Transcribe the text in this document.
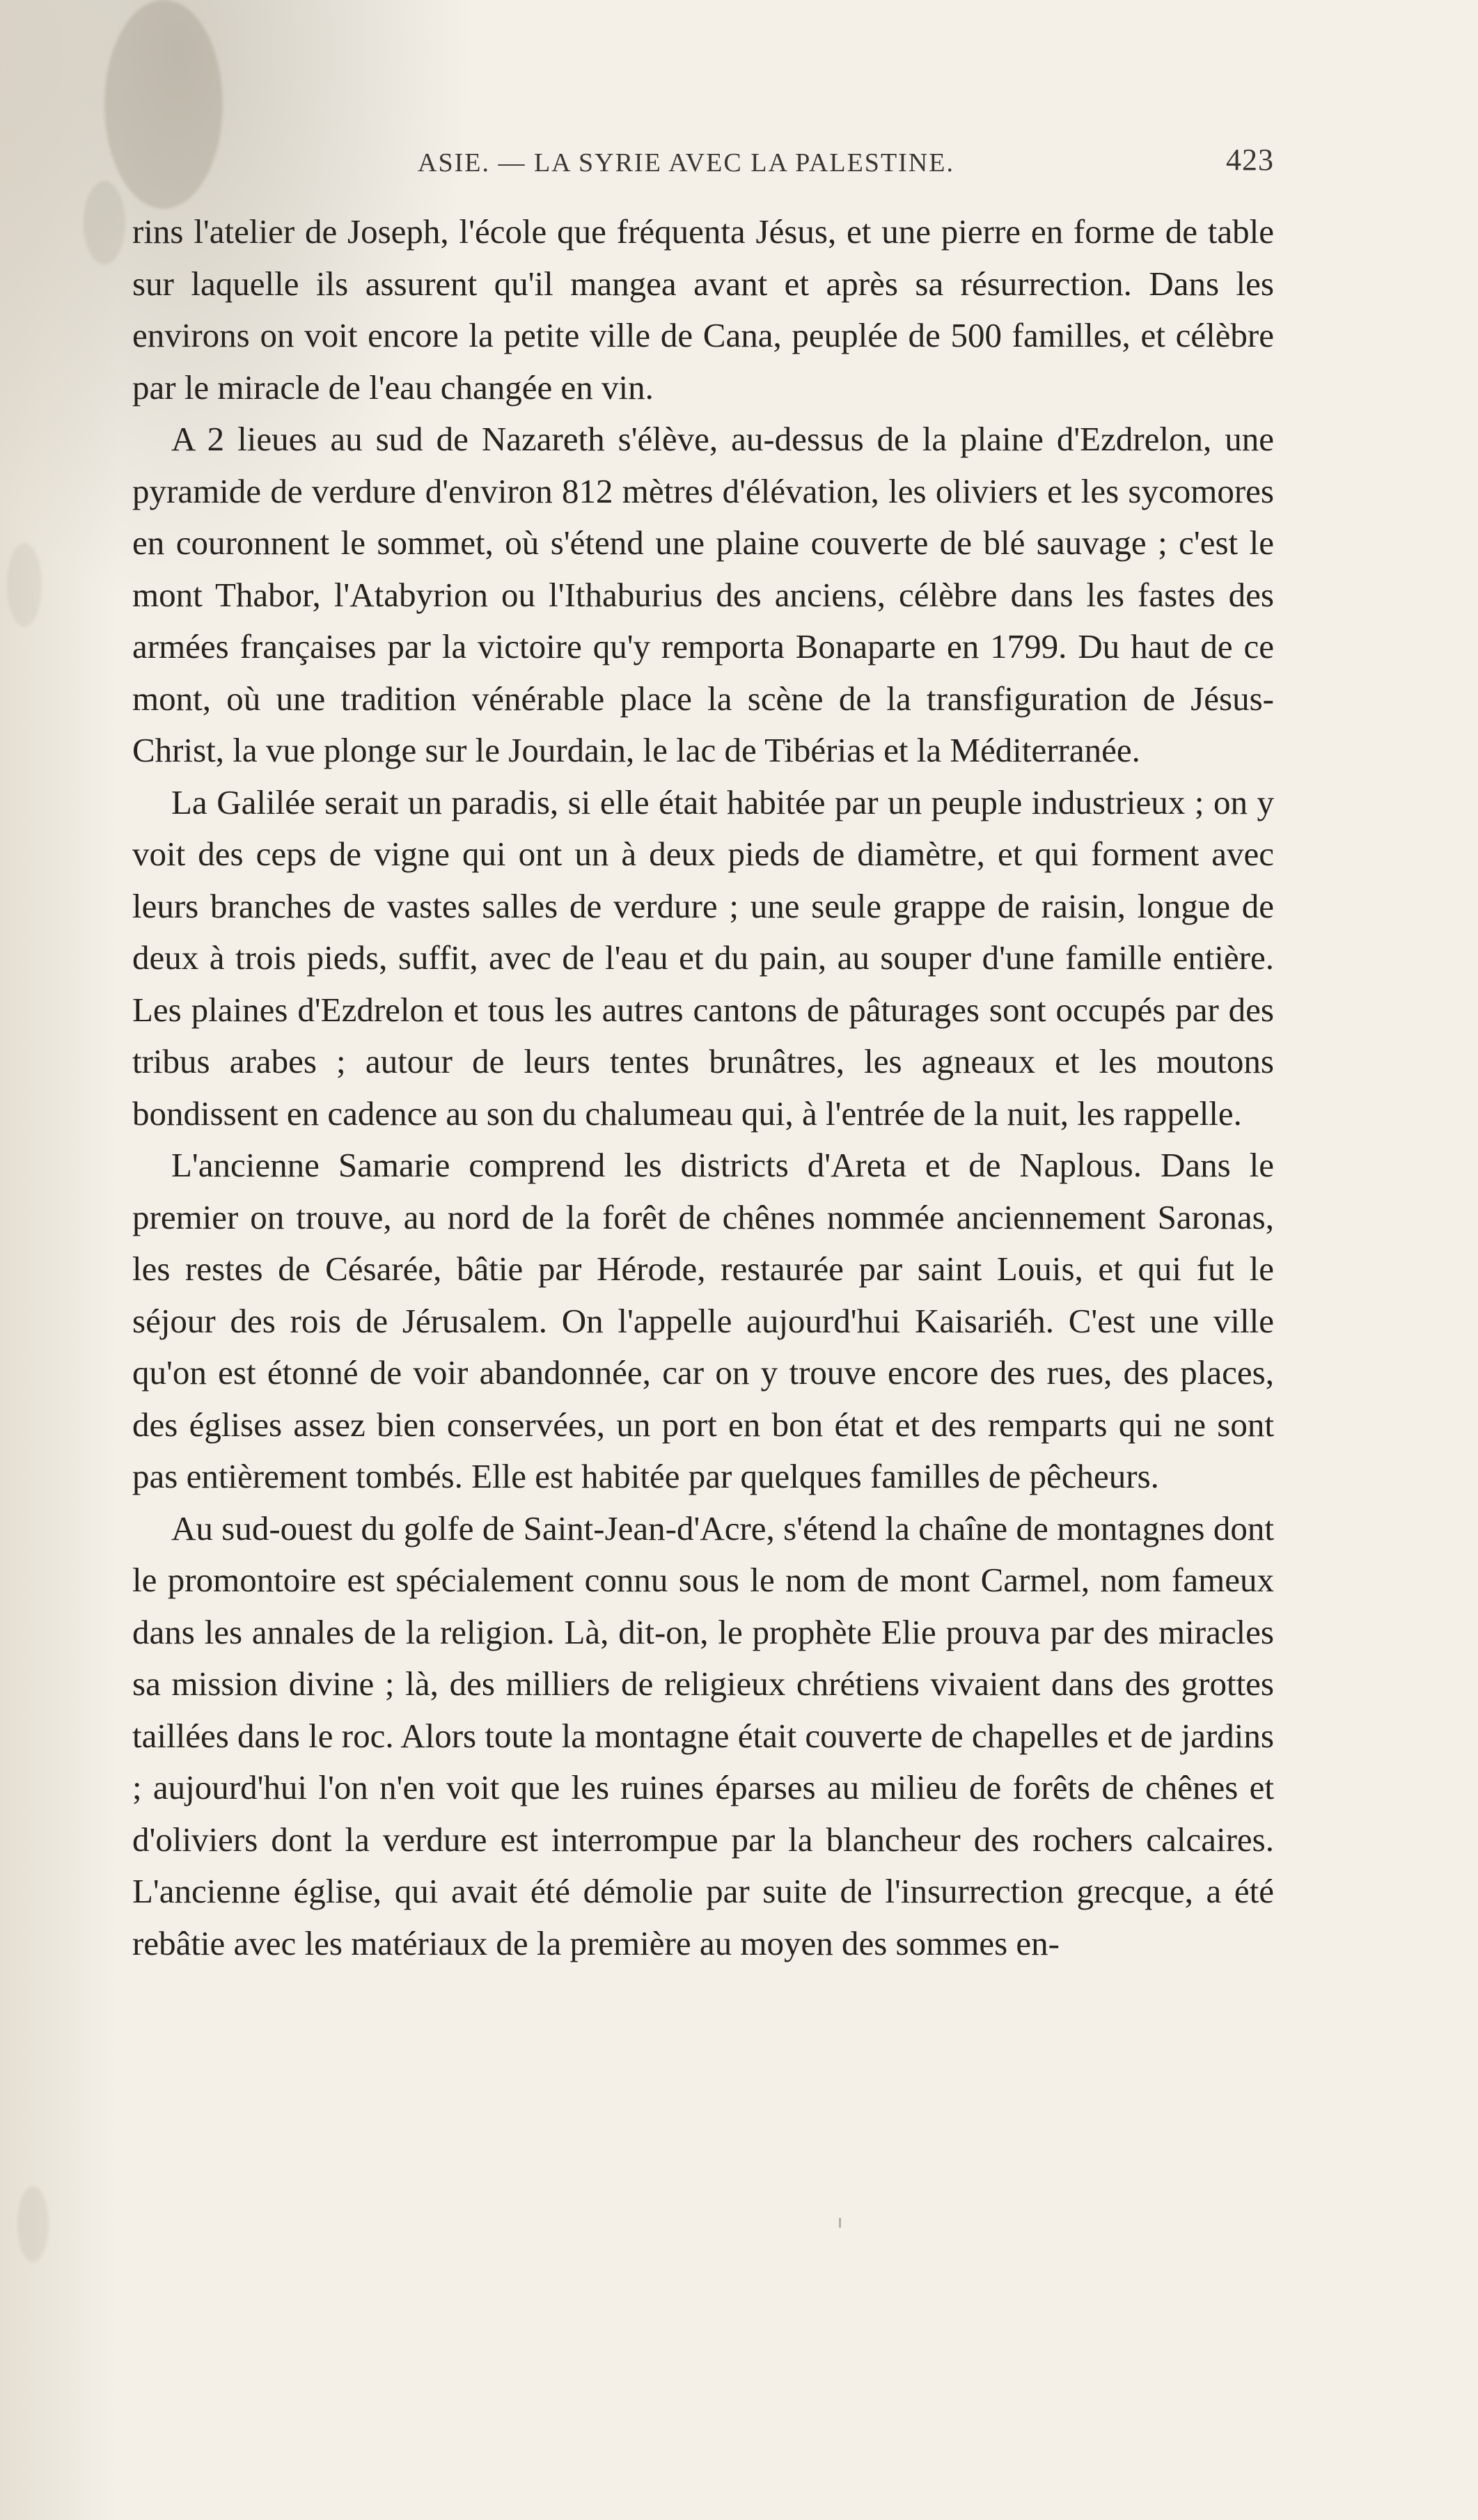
ASIE. — LA SYRIE AVEC LA PALESTINE.	423

rins l'atelier de Joseph, l'école que fréquenta Jésus, et une pierre en forme de table sur laquelle ils assurent qu'il mangea avant et après sa résurrection. Dans les environs on voit encore la petite ville de Cana, peuplée de 500 familles, et célèbre par le miracle de l'eau changée en vin.

A 2 lieues au sud de Nazareth s'élève, au-dessus de la plaine d'Ezdrelon, une pyramide de verdure d'environ 812 mètres d'élévation, les oliviers et les sycomores en couronnent le sommet, où s'étend une plaine couverte de blé sauvage ; c'est le mont Thabor, l'Atabyrion ou l'Ithaburius des anciens, célèbre dans les fastes des armées françaises par la victoire qu'y remporta Bonaparte en 1799. Du haut de ce mont, où une tradition vénérable place la scène de la transfiguration de Jésus-Christ, la vue plonge sur le Jourdain, le lac de Tibérias et la Méditerranée.

La Galilée serait un paradis, si elle était habitée par un peuple industrieux ; on y voit des ceps de vigne qui ont un à deux pieds de diamètre, et qui forment avec leurs branches de vastes salles de verdure ; une seule grappe de raisin, longue de deux à trois pieds, suffit, avec de l'eau et du pain, au souper d'une famille entière. Les plaines d'Ezdrelon et tous les autres cantons de pâturages sont occupés par des tribus arabes ; autour de leurs tentes brunâtres, les agneaux et les moutons bondissent en cadence au son du chalumeau qui, à l'entrée de la nuit, les rappelle.

L'ancienne Samarie comprend les districts d'Areta et de Naplous. Dans le premier on trouve, au nord de la forêt de chênes nommée anciennement Saronas, les restes de Césarée, bâtie par Hérode, restaurée par saint Louis, et qui fut le séjour des rois de Jérusalem. On l'appelle aujourd'hui Kaisariéh. C'est une ville qu'on est étonné de voir abandonnée, car on y trouve encore des rues, des places, des églises assez bien conservées, un port en bon état et des remparts qui ne sont pas entièrement tombés. Elle est habitée par quelques familles de pêcheurs.

Au sud-ouest du golfe de Saint-Jean-d'Acre, s'étend la chaîne de montagnes dont le promontoire est spécialement connu sous le nom de mont Carmel, nom fameux dans les annales de la religion. Là, dit-on, le prophète Elie prouva par des miracles sa mission divine ; là, des milliers de religieux chrétiens vivaient dans des grottes taillées dans le roc. Alors toute la montagne était couverte de chapelles et de jardins ; aujourd'hui l'on n'en voit que les ruines éparses au milieu de forêts de chênes et d'oliviers dont la verdure est interrompue par la blancheur des rochers calcaires. L'ancienne église, qui avait été démolie par suite de l'insurrection grecque, a été rebâtie avec les matériaux de la première au moyen des sommes en-
